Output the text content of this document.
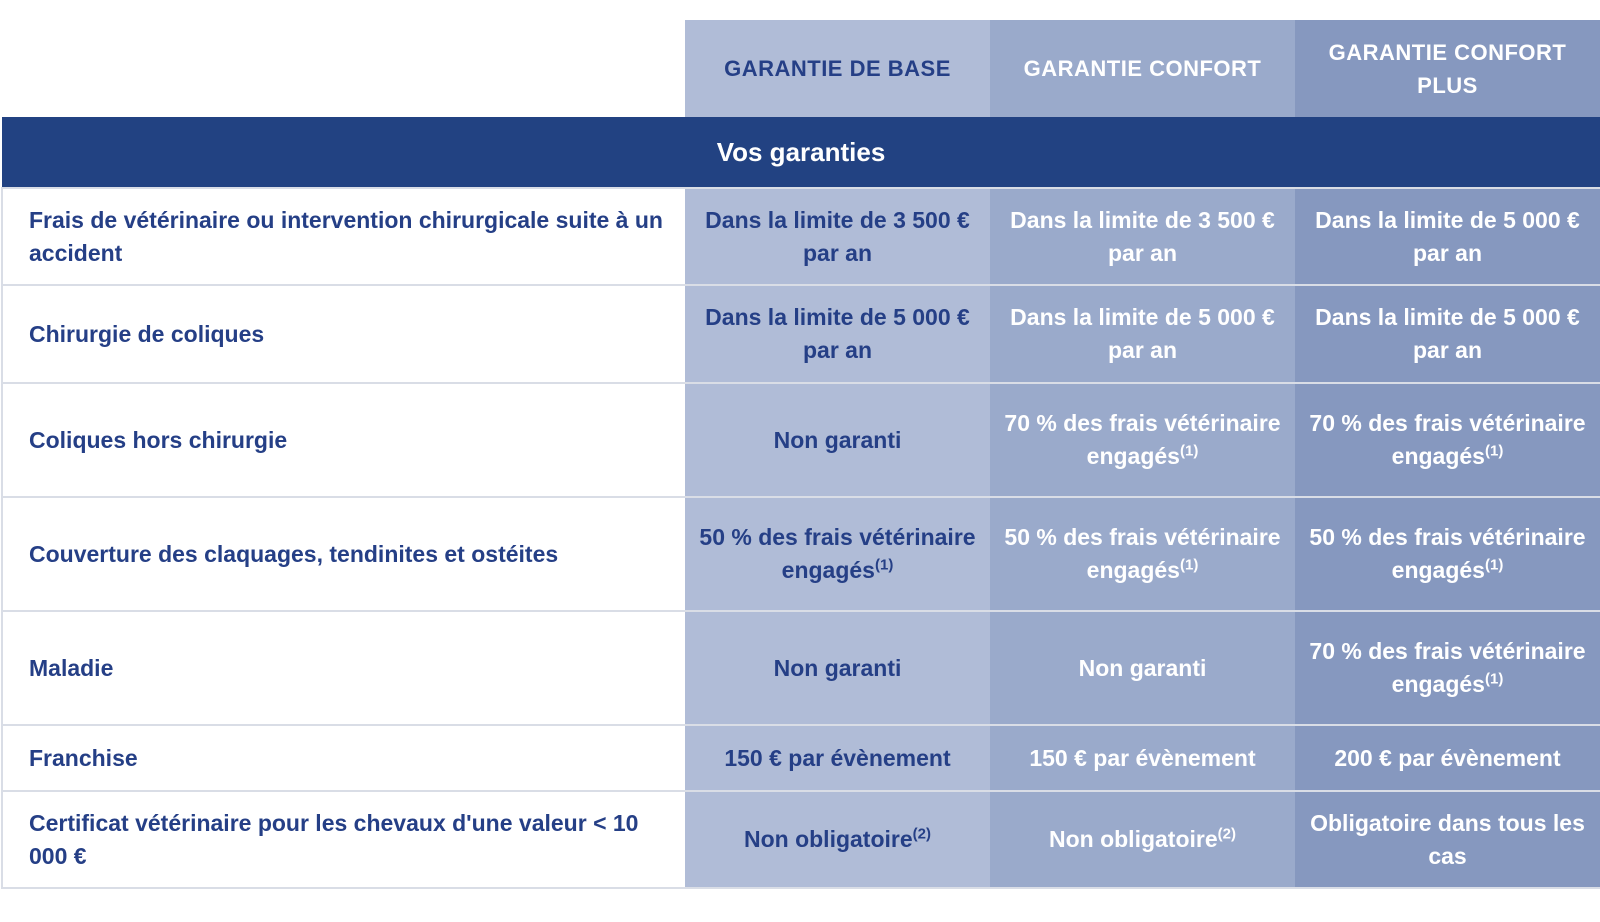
	GARANTIE DE BASE	GARANTIE CONFORT	GARANTIE CONFORT PLUS
Vos garanties			
Frais de vétérinaire ou intervention chirurgicale suite à un accident	Dans la limite de 3 500 € par an	Dans la limite de 3 500 € par an	Dans la limite de 5 000 € par an
Chirurgie de coliques	Dans la limite de 5 000 € par an	Dans la limite de 5 000 € par an	Dans la limite de 5 000 € par an
Coliques hors chirurgie	Non garanti	70 % des frais vétérinaire engagés$^{(1)}$	70 % des frais vétérinaire engagés$^{(1)}$
Couverture des claquages, tendinites et ostéites	50 % des frais vétérinaire engagés$^{(1)}$	50 % des frais vétérinaire engagés$^{(1)}$	50 % des frais vétérinaire engagés$^{(1)}$
Maladie	Non garanti	Non garanti	70 % des frais vétérinaire engagés$^{(1)}$
Franchise	150 € par évènement	150 € par évènement	200 € par évènement
Certificat vétérinaire pour les chevaux d'une valeur < 10 000 €	Non obligatoire$^{(2)}$	Non obligatoire$^{(2)}$	Obligatoire dans tous les cas
